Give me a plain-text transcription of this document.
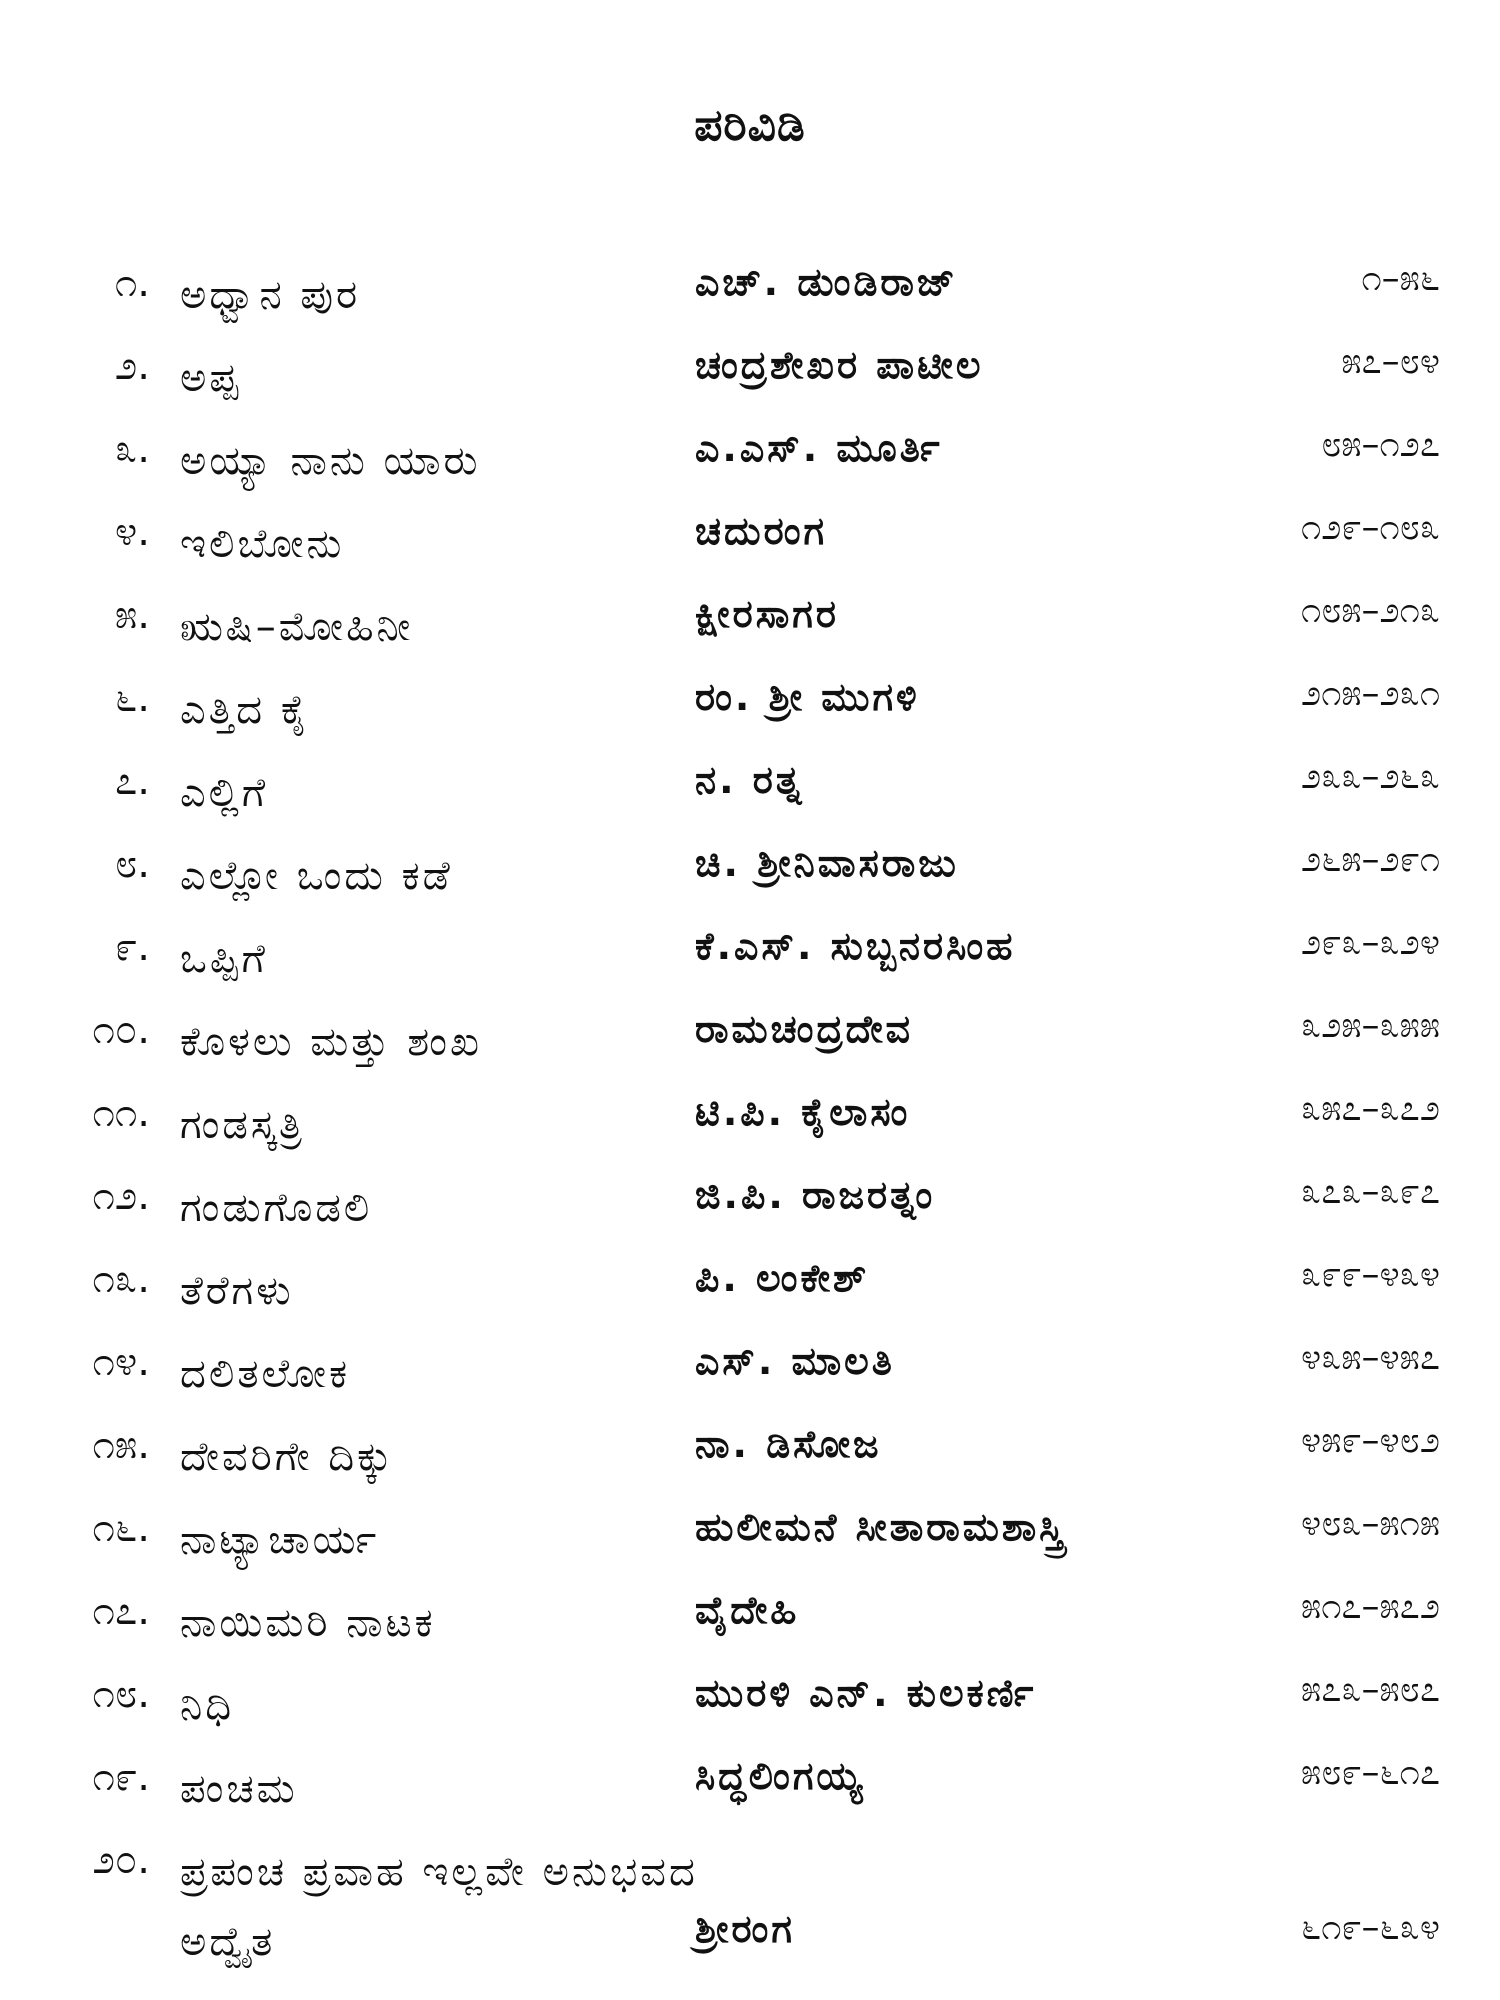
ಪರಿವಿಡಿ
೧. ಅಧ್ವಾನ ಪುರ	ಎಚ್. ಡುಂಡಿರಾಜ್	೧–೫೬
೨. ಅಪ್ಪ	ಚಂದ್ರಶೇಖರ ಪಾಟೀಲ	೫೭–೮೪
೩. ಅಯ್ಯಾ ನಾನು ಯಾರು	ಎ.ಎಸ್. ಮೂರ್ತಿ	೮೫–೧೨೭
೪. ಇಲಿಬೋನು	ಚದುರಂಗ	೧೨೯–೧೮೩
೫. ಋಷಿ–ಮೋಹಿನೀ	ಕ್ಷೀರಸಾಗರ	೧೮೫–೨೧೩
೬. ಎತ್ತಿದ ಕೈ	ರಂ. ಶ್ರೀ ಮುಗಳಿ	೨೧೫–೨೩೧
೭. ಎಲ್ಲಿಗೆ	ನ. ರತ್ನ	೨೩೩–೨೬೩
೮. ಎಲ್ಲೋ ಒಂದು ಕಡೆ	ಚಿ. ಶ್ರೀನಿವಾಸರಾಜು	೨೬೫–೨೯೧
೯. ಒಪ್ಪಿಗೆ	ಕೆ.ಎಸ್. ಸುಬ್ಬನರಸಿಂಹ	೨೯೩–೩೨೪
೧೦. ಕೊಳಲು ಮತ್ತು ಶಂಖ	ರಾಮಚಂದ್ರದೇವ	೩೨೫–೩೫೫
೧೧. ಗಂಡಸ್ಕತ್ರಿ	ಟಿ.ಪಿ. ಕೈಲಾಸಂ	೩೫೭–೩೭೨
೧೨. ಗಂಡುಗೊಡಲಿ	ಜಿ.ಪಿ. ರಾಜರತ್ನಂ	೩೭೩–೩೯೭
೧೩. ತೆರೆಗಳು	ಪಿ. ಲಂಕೇಶ್	೩೯೯–೪೩೪
೧೪. ದಲಿತಲೋಕ	ಎಸ್. ಮಾಲತಿ	೪೩೫–೪೫೭
೧೫. ದೇವರಿಗೇ ದಿಕ್ಕು	ನಾ. ಡಿಸೋಜ	೪೫೯–೪೮೨
೧೬. ನಾಟ್ಯಾಚಾರ್ಯ	ಹುಲೀಮನೆ ಸೀತಾರಾಮಶಾಸ್ತ್ರಿ	೪೮೩–೫೧೫
೧೭. ನಾಯಿಮರಿ ನಾಟಕ	ವೈದೇಹಿ	೫೧೭–೫೭೨
೧೮. ನಿಧಿ	ಮುರಳಿ ಎನ್. ಕುಲಕರ್ಣಿ	೫೭೩–೫೮೭
೧೯. ಪಂಚಮ	ಸಿದ್ಧಲಿಂಗಯ್ಯ	೫೮೯–೬೧೭
೨೦. ಪ್ರಪಂಚ ಪ್ರವಾಹ ಇಲ್ಲವೇ ಅನುಭವದ ಅದ್ವೈತ	ಶ್ರೀರಂಗ	೬೧೯–೬೩೪
